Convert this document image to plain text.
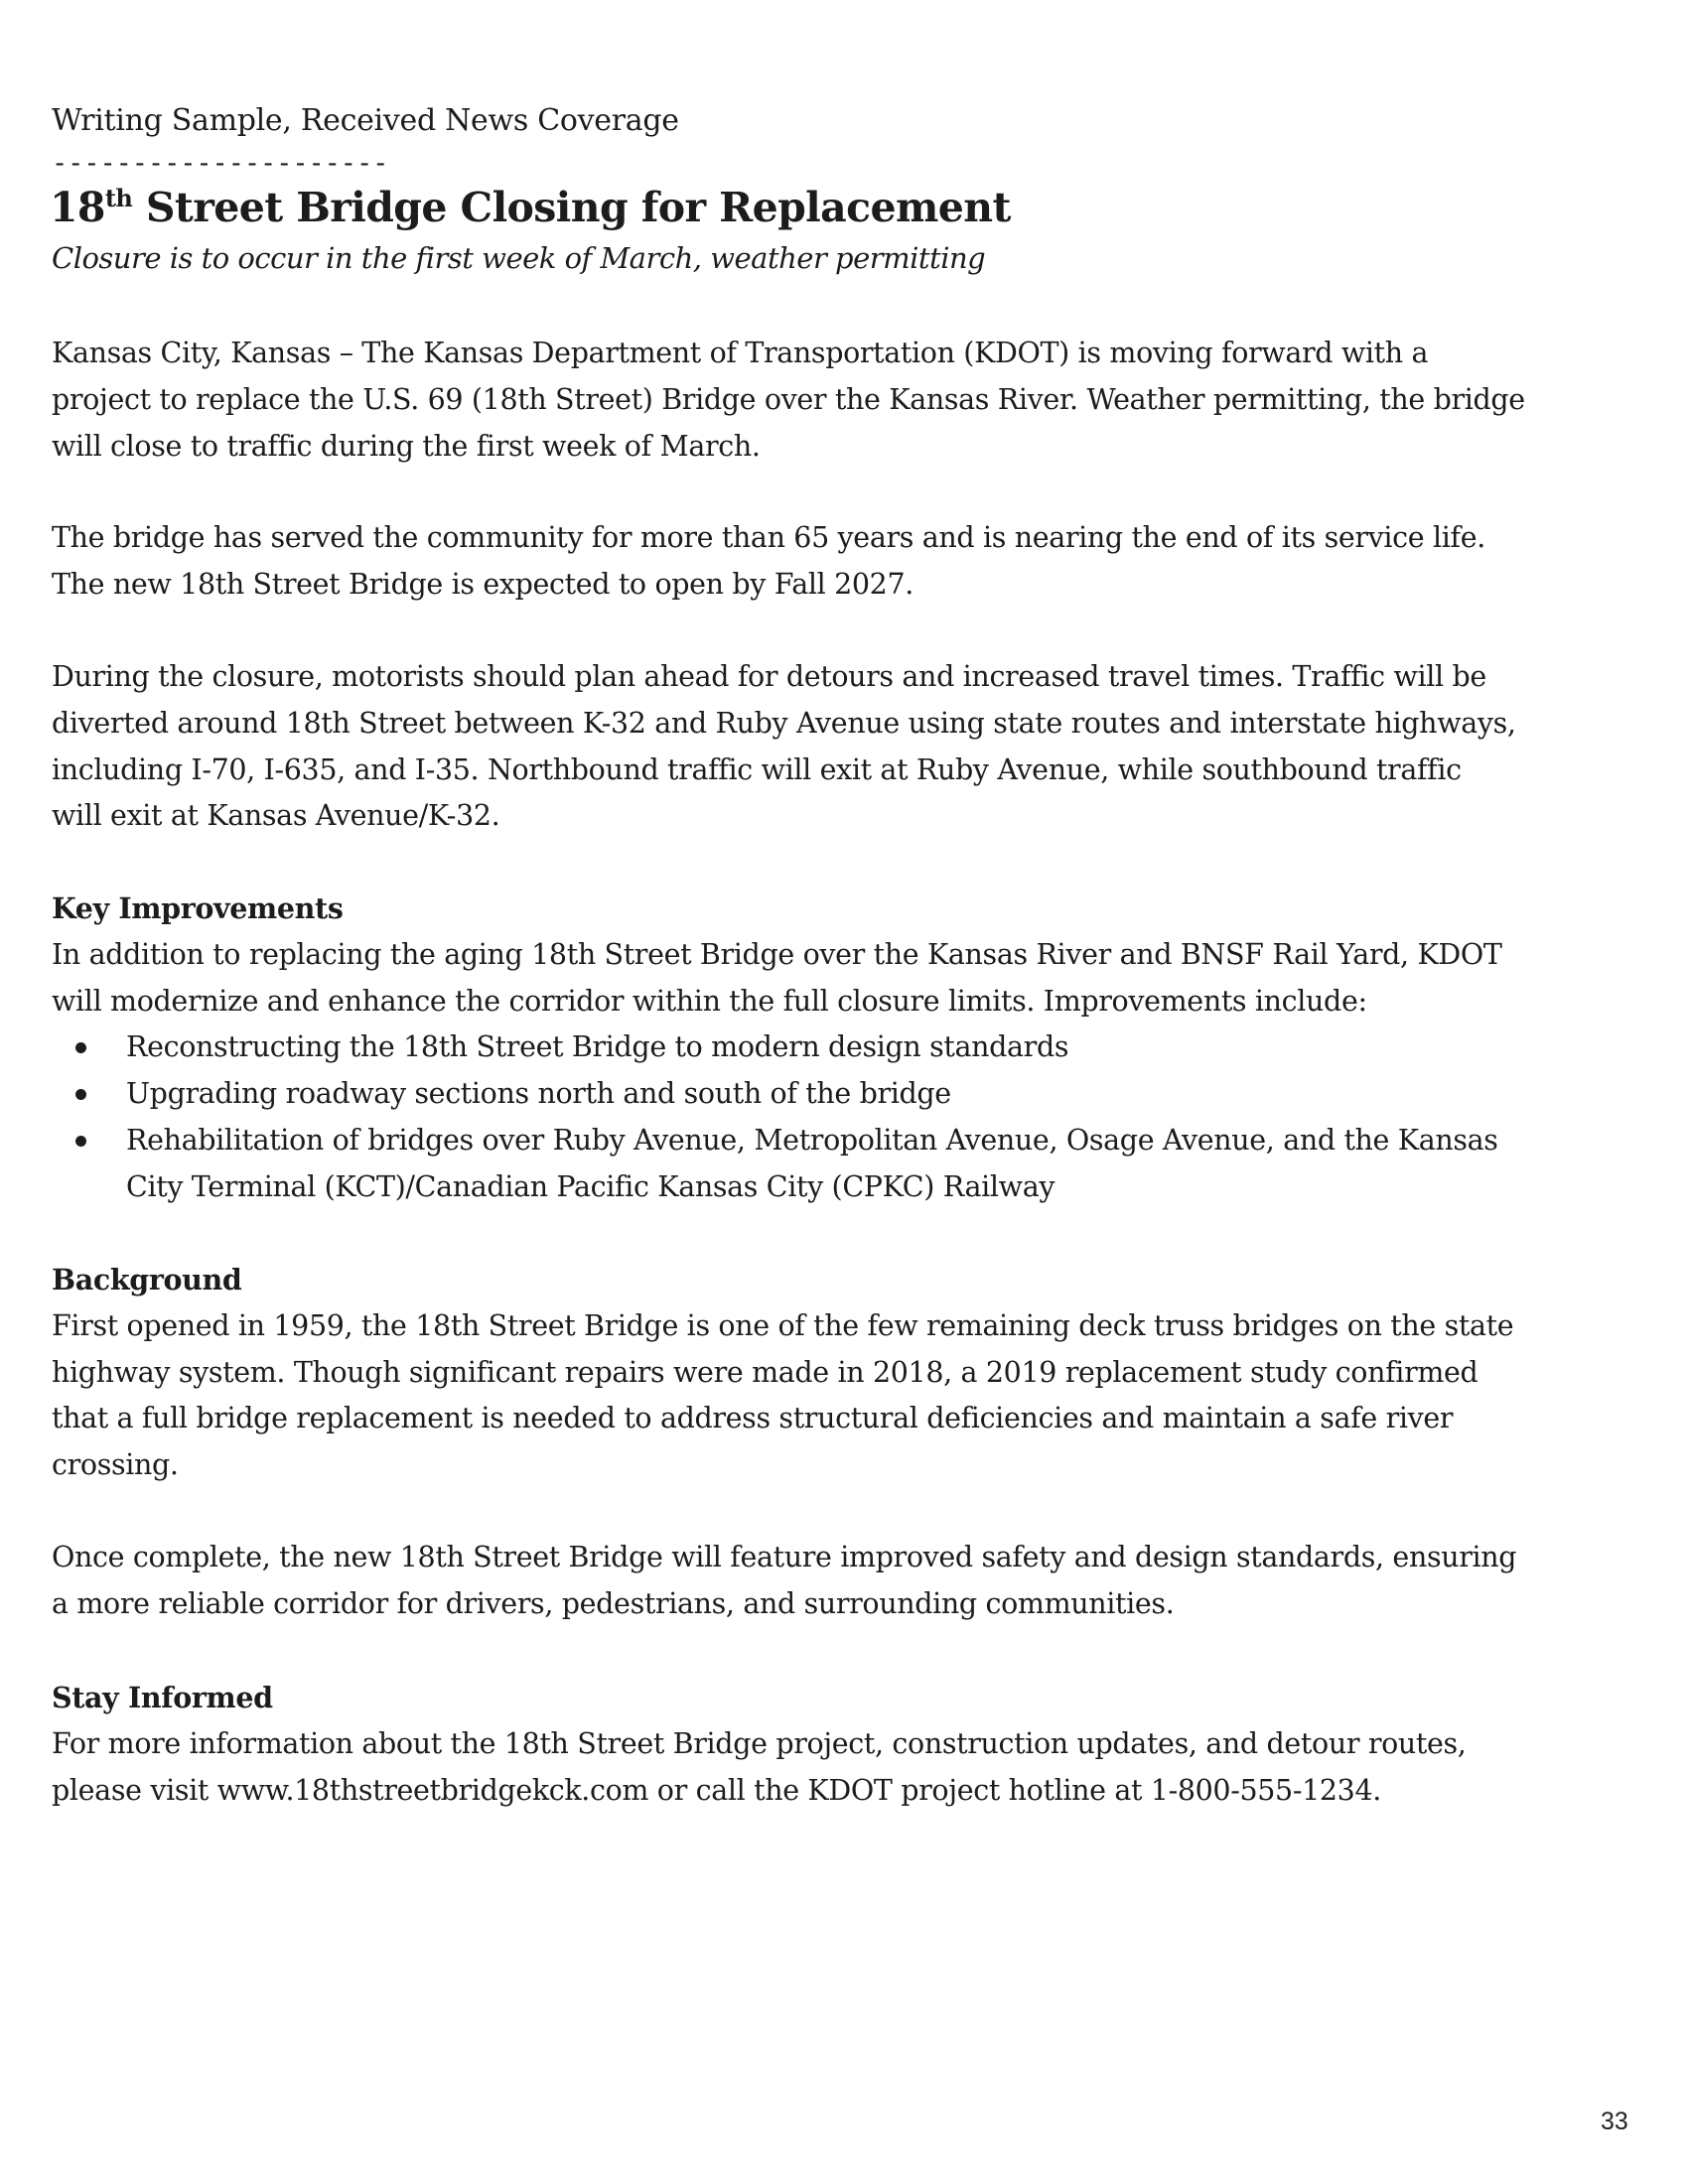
Writing Sample, Received News Coverage
---------------------
18th Street Bridge Closing for Replacement
Closure is to occur in the first week of March, weather permitting
Kansas City, Kansas – The Kansas Department of Transportation (KDOT) is moving forward with a
project to replace the U.S. 69 (18th Street) Bridge over the Kansas River. Weather permitting, the bridge
will close to traffic during the first week of March.
The bridge has served the community for more than 65 years and is nearing the end of its service life.
The new 18th Street Bridge is expected to open by Fall 2027.
During the closure, motorists should plan ahead for detours and increased travel times. Traffic will be
diverted around 18th Street between K-32 and Ruby Avenue using state routes and interstate highways,
including I-70, I-635, and I-35. Northbound traffic will exit at Ruby Avenue, while southbound traffic
will exit at Kansas Avenue/K-32.
Key Improvements
In addition to replacing the aging 18th Street Bridge over the Kansas River and BNSF Rail Yard, KDOT
will modernize and enhance the corridor within the full closure limits. Improvements include:
Reconstructing the 18th Street Bridge to modern design standards
Upgrading roadway sections north and south of the bridge
Rehabilitation of bridges over Ruby Avenue, Metropolitan Avenue, Osage Avenue, and the Kansas
City Terminal (KCT)/Canadian Pacific Kansas City (CPKC) Railway
Background
First opened in 1959, the 18th Street Bridge is one of the few remaining deck truss bridges on the state
highway system. Though significant repairs were made in 2018, a 2019 replacement study confirmed
that a full bridge replacement is needed to address structural deficiencies and maintain a safe river
crossing.
Once complete, the new 18th Street Bridge will feature improved safety and design standards, ensuring
a more reliable corridor for drivers, pedestrians, and surrounding communities.
Stay Informed
For more information about the 18th Street Bridge project, construction updates, and detour routes,
please visit www.18thstreetbridgekck.com or call the KDOT project hotline at 1-800-555-1234.
33
